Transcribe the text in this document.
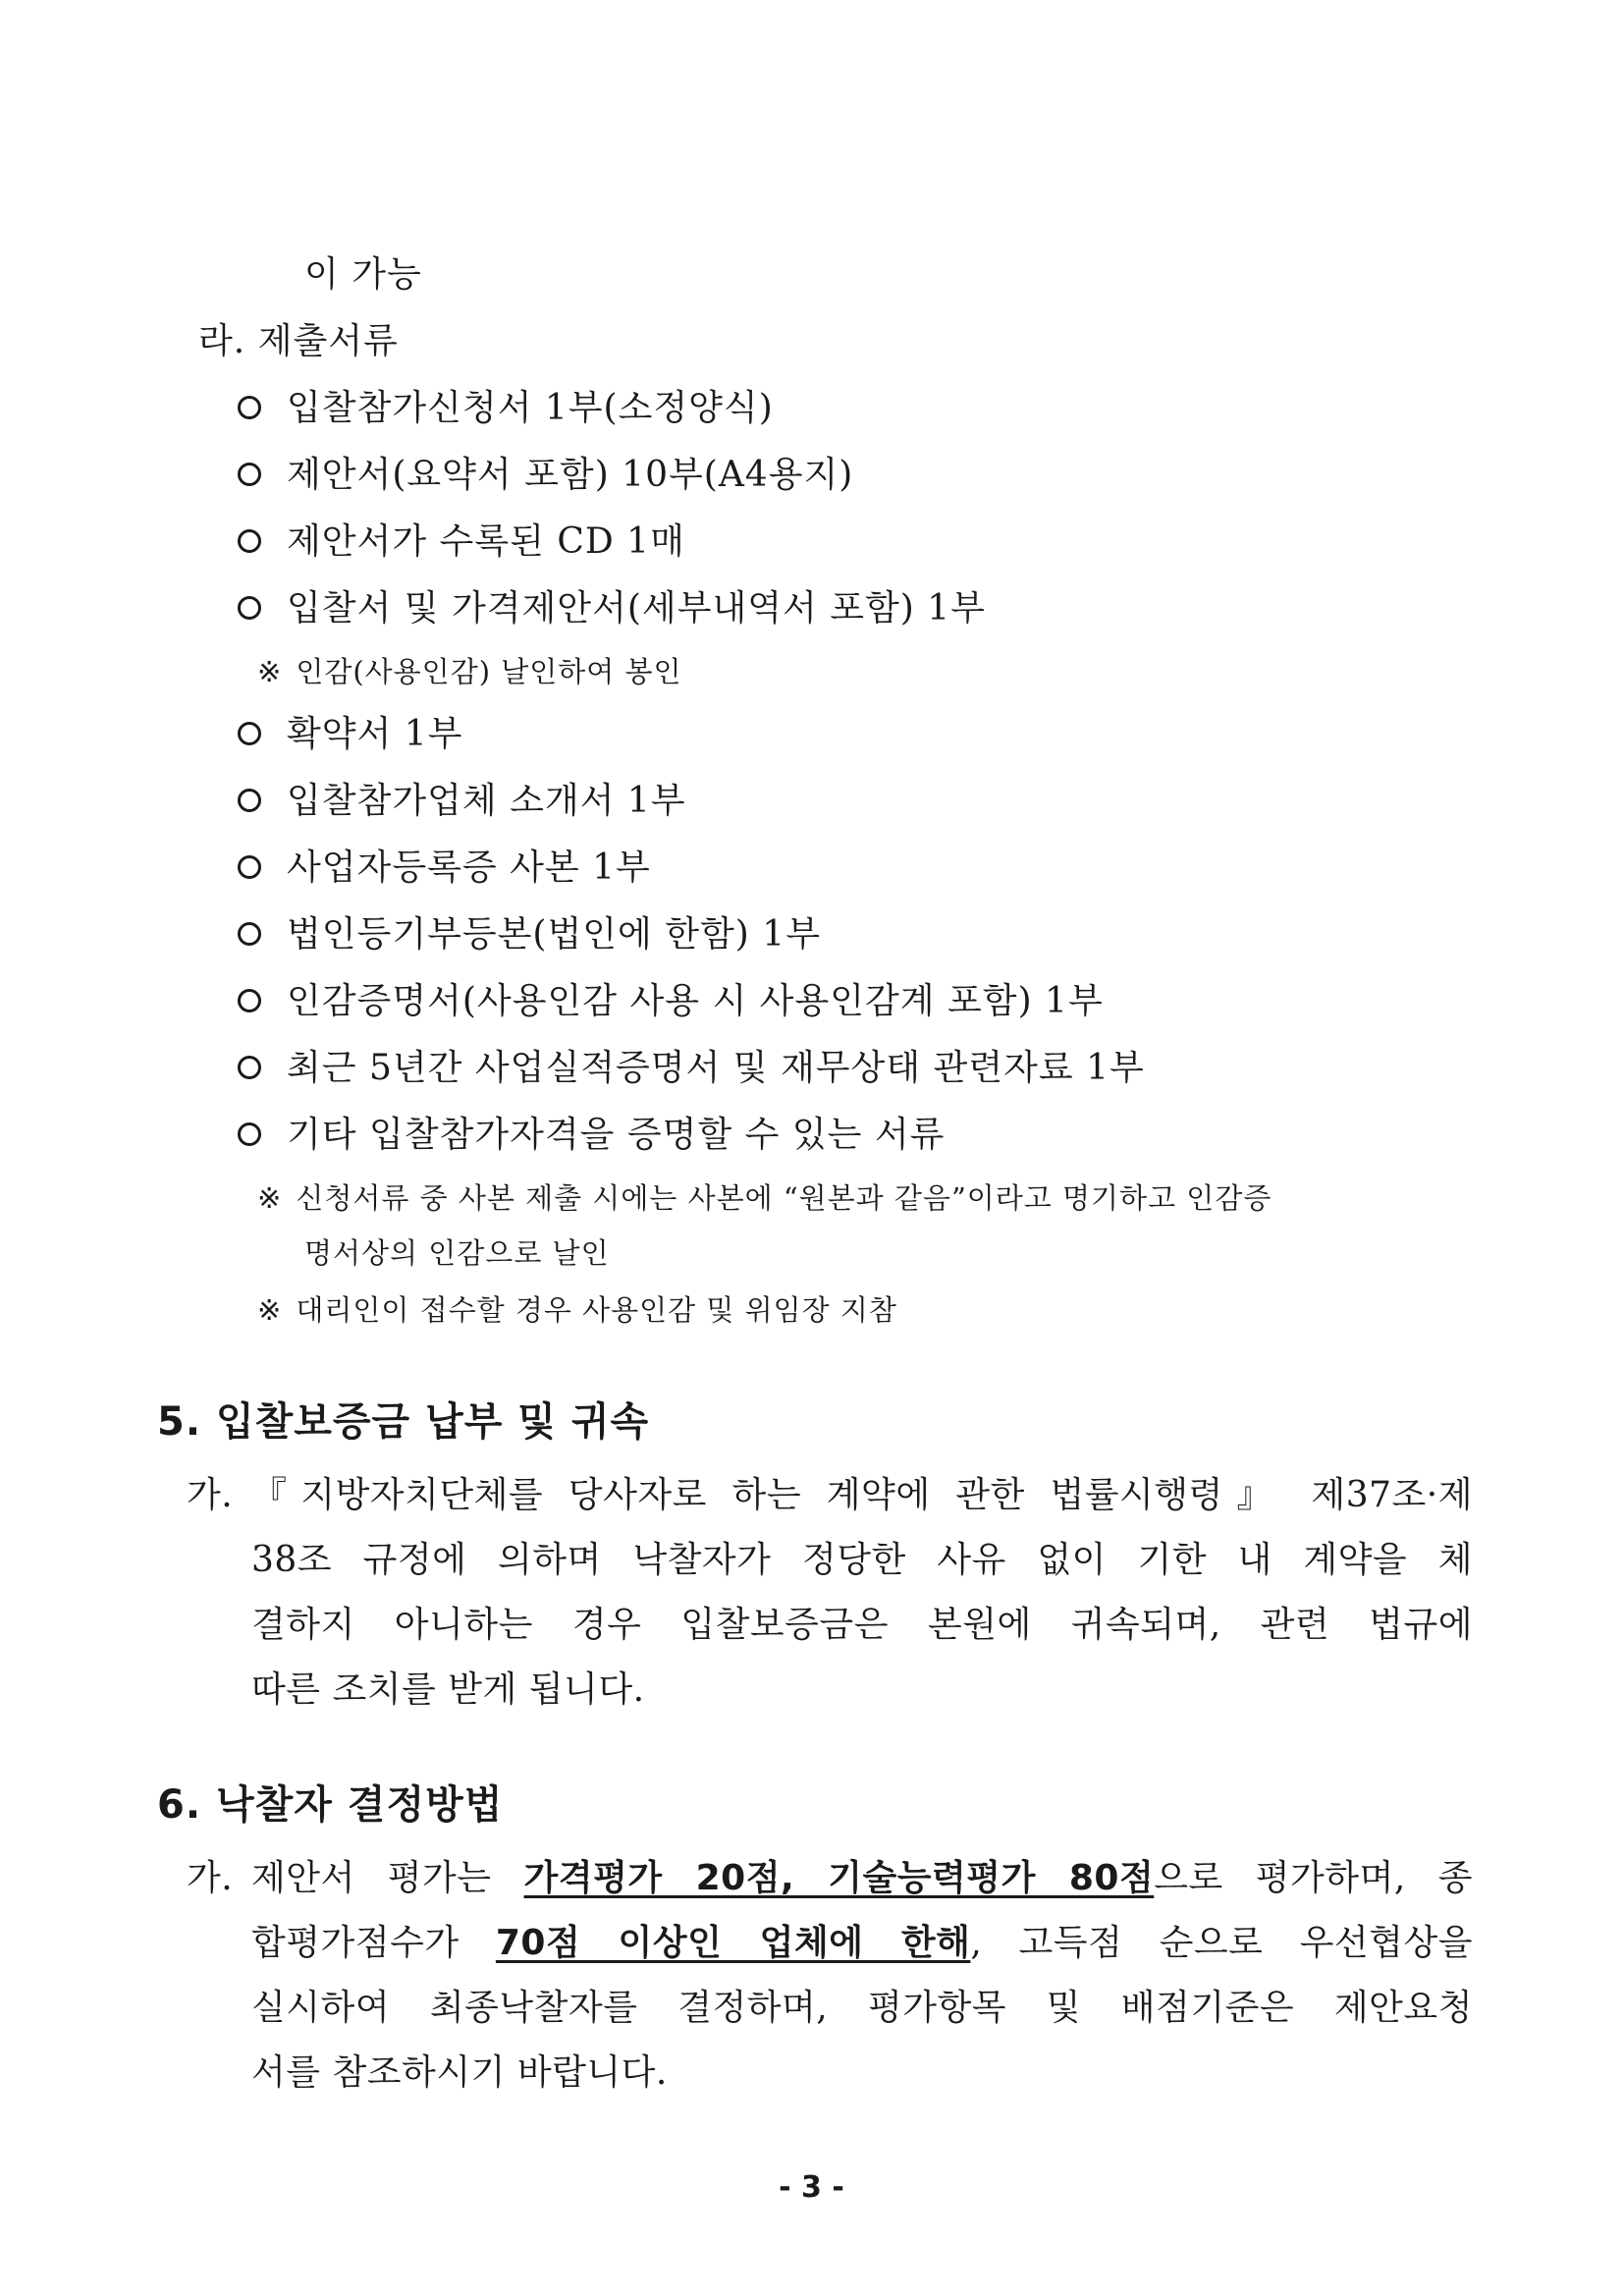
이 가능
라. 제출서류
입찰참가신청서 1부(소정양식)
제안서(요약서 포함) 10부(A4용지)
제안서가 수록된 CD 1매
입찰서 및 가격제안서(세부내역서 포함) 1부
※ 인감(사용인감) 날인하여 봉인
확약서 1부
입찰참가업체 소개서 1부
사업자등록증 사본 1부
법인등기부등본(법인에 한함) 1부
인감증명서(사용인감 사용 시 사용인감계 포함) 1부
최근 5년간 사업실적증명서 및 재무상태 관련자료 1부
기타 입찰참가자격을 증명할 수 있는 서류
※ 신청서류 중 사본 제출 시에는 사본에 “원본과 같음”이라고 명기하고 인감증
명서상의 인감으로 날인
※ 대리인이 접수할 경우 사용인감 및 위임장 지참
5. 입찰보증금 납부 및 귀속
가. 『지방자치단체를 당사자로 하는 계약에 관한 법률시행령』 제37조·제
38조 규정에 의하며 낙찰자가 정당한 사유 없이 기한 내 계약을 체
결하지 아니하는 경우 입찰보증금은 본원에 귀속되며, 관련 법규에
따른 조치를 받게 됩니다.
6. 낙찰자 결정방법
가. 제안서 평가는 가격평가 20점, 기술능력평가 80점으로 평가하며, 종
합평가점수가 70점 이상인 업체에 한해, 고득점 순으로 우선협상을
실시하여 최종낙찰자를 결정하며, 평가항목 및 배점기준은 제안요청
서를 참조하시기 바랍니다.
- 3 -
